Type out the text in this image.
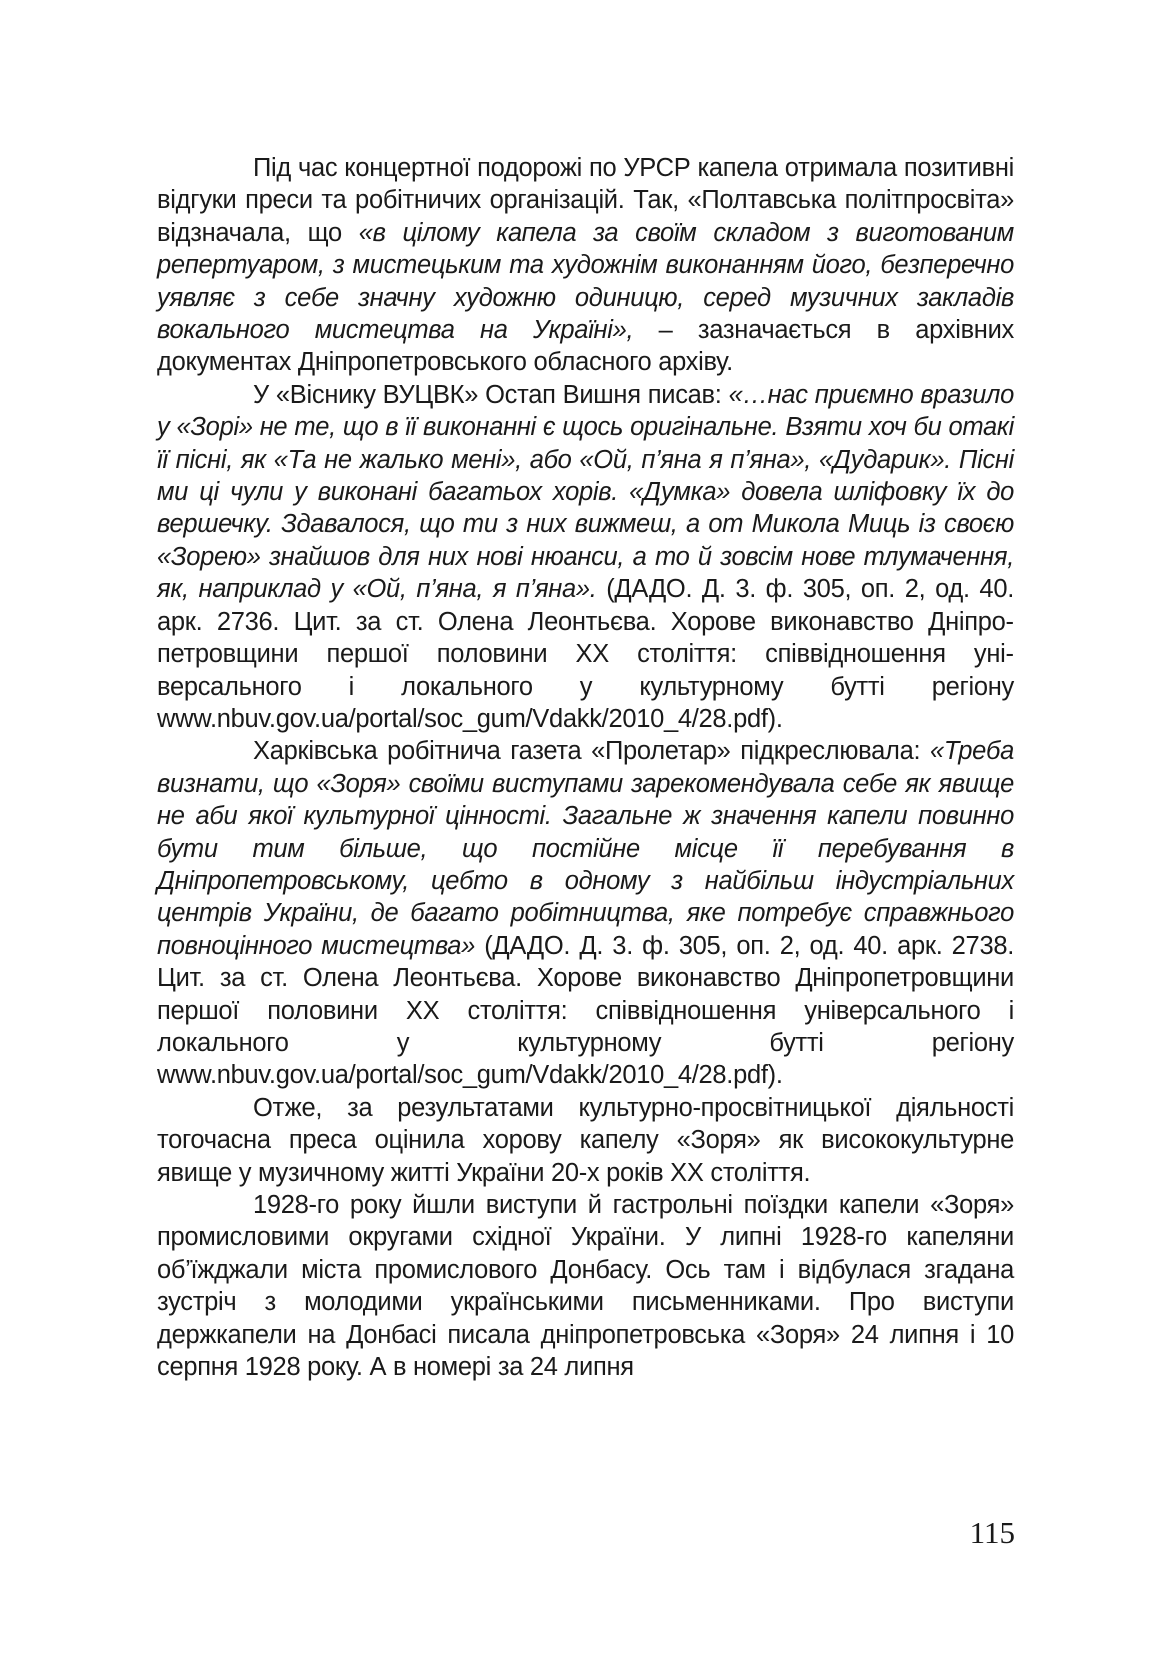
Під час концертної подорожі по УРСР капела отримала позитивні відгуки преси та робітничих організацій. Так, «Полтавська політпросвіта» відзначала, що «в цілому капела за своїм складом з виготованим репертуаром, з мистецьким та художнім виконанням його, безперечно уявляє з себе значну художню одиницю, серед музичних закладів вокального мистецтва на Україні», – зазначається в архівних документах Дніпропетровського обласного архіву.

У «Віснику ВУЦВК» Остап Вишня писав: «…нас приємно вразило у «Зорі» не те, що в її виконанні є щось оригінальне. Взяти хоч би отакі її пісні, як «Та не жалько мені», або «Ой, п’яна я п’яна», «Дударик». Пісні ми ці чули у виконані багатьох хорів. «Думка» довела шліфовку їх до вершечку. Здавалося, що ти з них вижмеш, а от Микола Миць із своєю «Зорею» знайшов для них нові нюанси, а то й зовсім нове тлумачення, як, наприклад у «Ой, п’яна, я п’яна». (ДАДО. Д. 3. ф. 305, оп. 2, од. 40. арк. 2736. Цит. за ст. Олена Леонтьєва. Хорове виконавство Дніпропетровщини першої половини ХХ століття: співвідношення універсального і локального у культурному бутті регіону www.nbuv.gov.ua/portal/soc_gum/Vdakk/2010_4/28.pdf).

Харківська робітнича газета «Пролетар» підкреслювала: «Треба визнати, що «Зоря» своїми виступами зарекомендувала себе як явище не аби якої культурної цінності. Загальне ж значення капели повинно бути тим більше, що постійне місце її перебування в Дніпропетровському, цебто в одному з найбільш індустріальних центрів України, де багато робітництва, яке потребує справжнього повноцінного мистецтва» (ДАДО. Д. 3. ф. 305, оп. 2, од. 40. арк. 2738. Цит. за ст. Олена Леонтьєва. Хорове виконавство Дніпропетровщини першої половини ХХ століття: співвідношення універсального і локального у культурному бутті регіону www.nbuv.gov.ua/portal/soc_gum/Vdakk/2010_4/28.pdf).

Отже, за результатами культурно-просвітницької діяльності тогочасна преса оцінила хорову капелу «Зоря» як висококультурне явище у музичному житті України 20-х років ХХ століття.

1928-го року йшли виступи й гастрольні поїздки капели «Зоря» промисловими округами східної України. У липні 1928-го капеляни об’їжджали міста промислового Донбасу. Ось там і відбулася згадана зустріч з молодими українськими письменниками. Про виступи держкапели на Донбасі писала дніпропетровська «Зоря» 24 липня і 10 серпня 1928 року. А в номері за 24 липня

115
